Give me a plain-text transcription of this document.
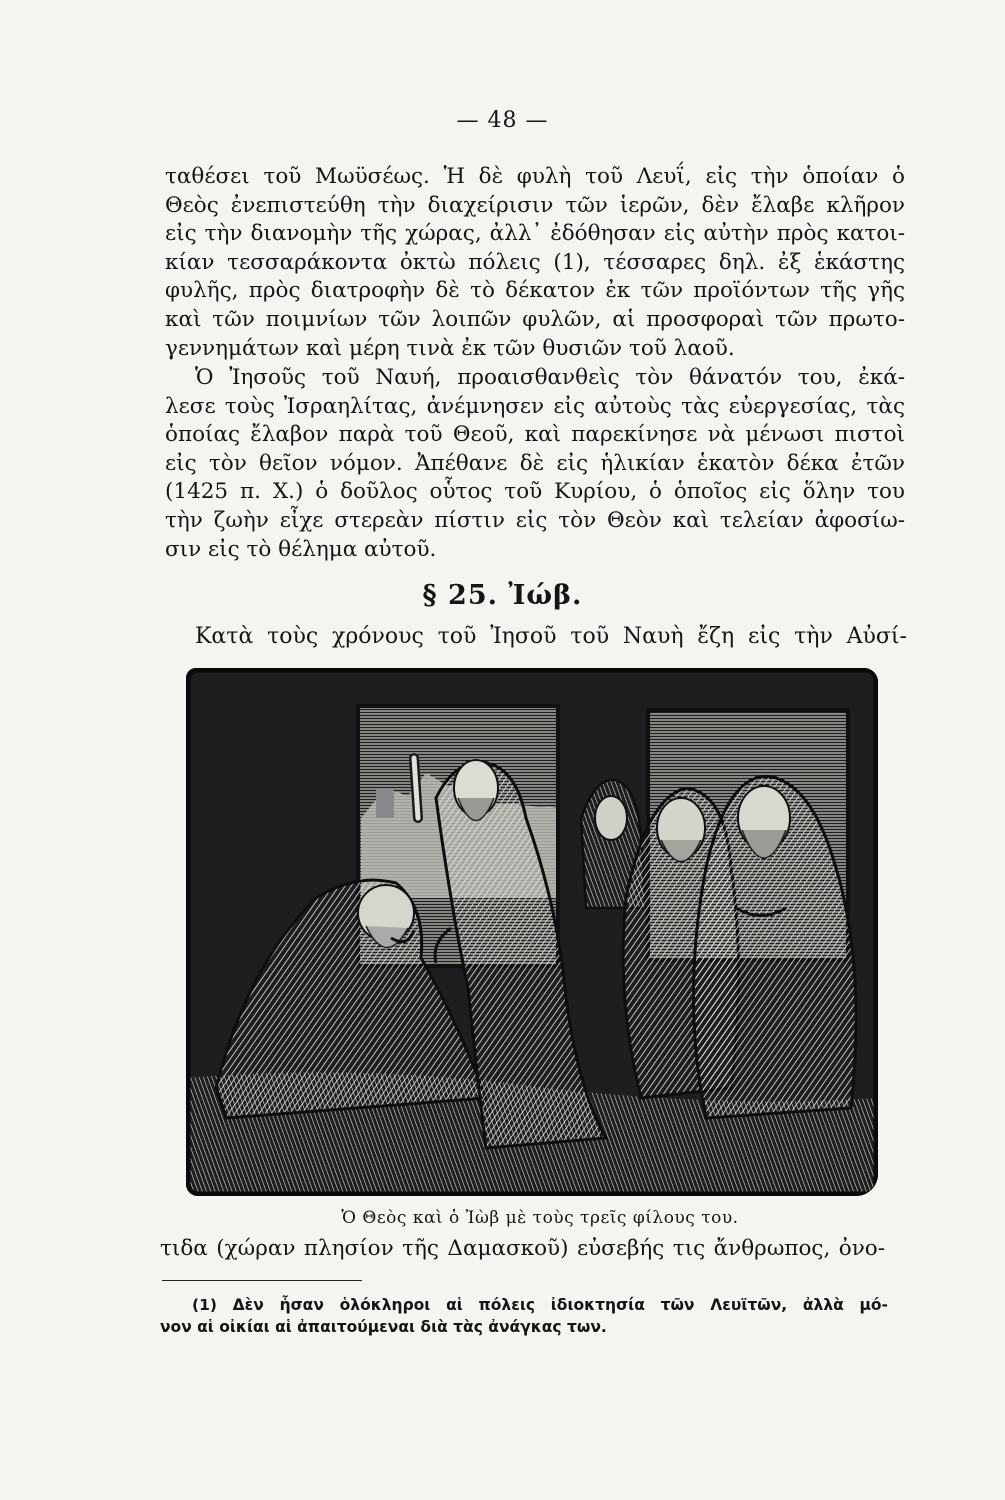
— 48 —

ταθέσει τοῦ Μωϋσέως. Ἡ δὲ φυλὴ τοῦ Λευΐ, εἰς τὴν ὁποίαν ὁ
Θεὸς ἐνεπιστεύθη τὴν διαχείρισιν τῶν ἱερῶν, δὲν ἔλαβε κλῆρον
εἰς τὴν διανομὴν τῆς χώρας, ἀλλ᾽ ἐδόθησαν εἰς αὐτὴν πρὸς κατοι-
κίαν τεσσαράκοντα ὀκτὼ πόλεις (1), τέσσαρες δηλ. ἐξ ἑκάστης
φυλῆς, πρὸς διατροφὴν δὲ τὸ δέκατον ἐκ τῶν προϊόντων τῆς γῆς
καὶ τῶν ποιμνίων τῶν λοιπῶν φυλῶν, αἱ προσφοραὶ τῶν πρωτο-
γεννημάτων καὶ μέρη τινὰ ἐκ τῶν θυσιῶν τοῦ λαοῦ.

Ὁ Ἰησοῦς τοῦ Ναυή, προαισθανθεὶς τὸν θάνατόν του, ἐκά-
λεσε τοὺς Ἰσραηλίτας, ἀνέμνησεν εἰς αὐτοὺς τὰς εὐεργεσίας, τὰς
ὁποίας ἔλαβον παρὰ τοῦ Θεοῦ, καὶ παρεκίνησε νὰ μένωσι πιστοὶ
εἰς τὸν θεῖον νόμον. Ἀπέθανε δὲ εἰς ἡλικίαν ἑκατὸν δέκα ἐτῶν
(1425 π. Χ.) ὁ δοῦλος οὗτος τοῦ Κυρίου, ὁ ὁποῖος εἰς ὅλην του
τὴν ζωὴν εἶχε στερεὰν πίστιν εἰς τὸν Θεὸν καὶ τελείαν ἀφοσίω-
σιν εἰς τὸ θέλημα αὐτοῦ.

§ 25. Ἰώβ.
Κατὰ τοὺς χρόνους τοῦ Ἰησοῦ τοῦ Ναυὴ ἔζη εἰς τὴν Αὐσί-
Ὁ Θεὸς καὶ ὁ Ἰὼβ μὲ τοὺς τρεῖς φίλους του.
τιδα (χώραν πλησίον τῆς Δαμασκοῦ) εὐσεβής τις ἄνθρωπος, ὀνο-
(1) Δὲν ἦσαν ὁλόκληροι αἱ πόλεις ἰδιοκτησία τῶν Λευϊτῶν, ἀλλὰ μό-
νον αἱ οἰκίαι αἱ ἀπαιτούμεναι διὰ τὰς ἀνάγκας των.
